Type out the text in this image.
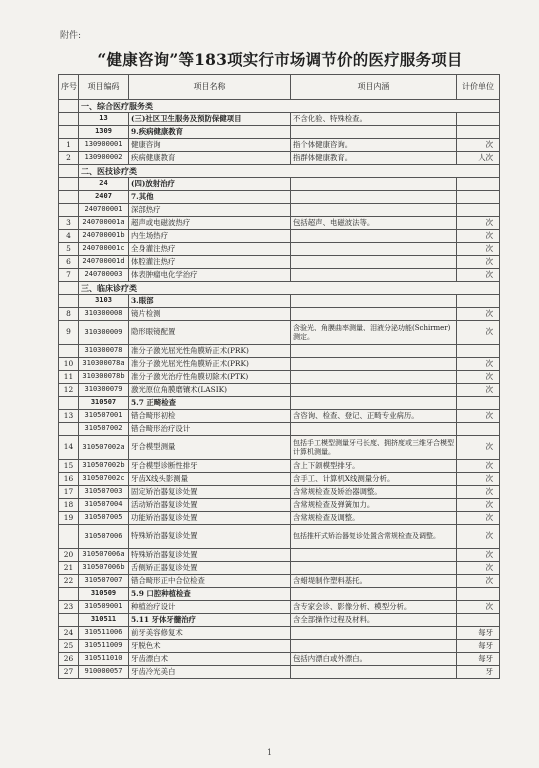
附件:
“健康咨询”等183项实行市场调节价的医疗服务项目
序号	项目编码	项目名称	项目内涵	计价单位
	一、综合医疗服务类			
	13	(三)社区卫生服务及预防保健项目	不含化验、特殊检查。	
	1309	9.疾病健康教育		
1	130900001	健康咨询	指个体健康咨询。	次
2	130900002	疾病健康教育	指群体健康教育。	人次
	二、医技诊疗类			
	24	(四)放射治疗		
	2407	7.其他		
	240700001	深部热疗		
3	240700001a	超声或电磁波热疗	包括超声、电磁波法等。	次
4	240700001b	内生场热疗		次
5	240700001c	全身灌注热疗		次
6	240700001d	体腔灌注热疗		次
7	240700003	体表肿瘤电化学治疗		次
	三、临床诊疗类			
	3103	3.眼部		
8	310300008	镜片检测		次
9	310300009	隐形眼镜配置	含验光、角膜曲率测量、泪液分泌功能(Schirmer)测定。	次
	310300078	准分子激光屈光性角膜矫正术(PRK)		
10	310300078a	准分子激光屈光性角膜矫正术(PRK)		次
11	310300078b	准分子激光治疗性角膜切除术(PTK)		次
12	310300079	激光原位角膜磨镶术(LASIK)		次
	310507	5.7 正畸检查		
13	310507001	错合畸形初检	含咨询、检查、登记、正畸专业病历。	次
	310507002	错合畸形治疗设计		
14	310507002a	牙合模型测量	包括手工模型测量牙弓长度、拥挤度或三维牙合模型计算机测量。	次
15	310507002b	牙合模型诊断性排牙	含上下颌模型排牙。	次
16	310507002c	牙齿X线头影测量	含手工、计算机X线测量分析。	次
17	310507003	固定矫治器复诊处置	含常规检查及矫治器调整。	次
18	310507004	活动矫治器复诊处置	含常规检查及弹簧加力。	次
19	310507005	功能矫治器复诊处置	含常规检查及调整。	次
	310507006	特殊矫治器复诊处置	包括推杆式矫治器复诊处置含常规检查及调整。	次
20	310507006a	特殊矫治器复诊处置		次
21	310507006b	舌侧矫正器复诊处置		次
22	310507007	错合畸形正中合位检查	含蜡堤制作塑料基托。	次
	310509	5.9 口腔种植检查		
23	310509001	种植治疗设计	含专家会诊、影像分析、模型分析。	次
	310511	5.11 牙体牙髓治疗	含全部操作过程及材料。	
24	310511006	前牙美容修复术		每牙
25	310511009	牙脱色术		每牙
26	310511010	牙齿漂白术	包括内漂白或外漂白。	每牙
27	910000057	牙齿冷光美白		牙
1
